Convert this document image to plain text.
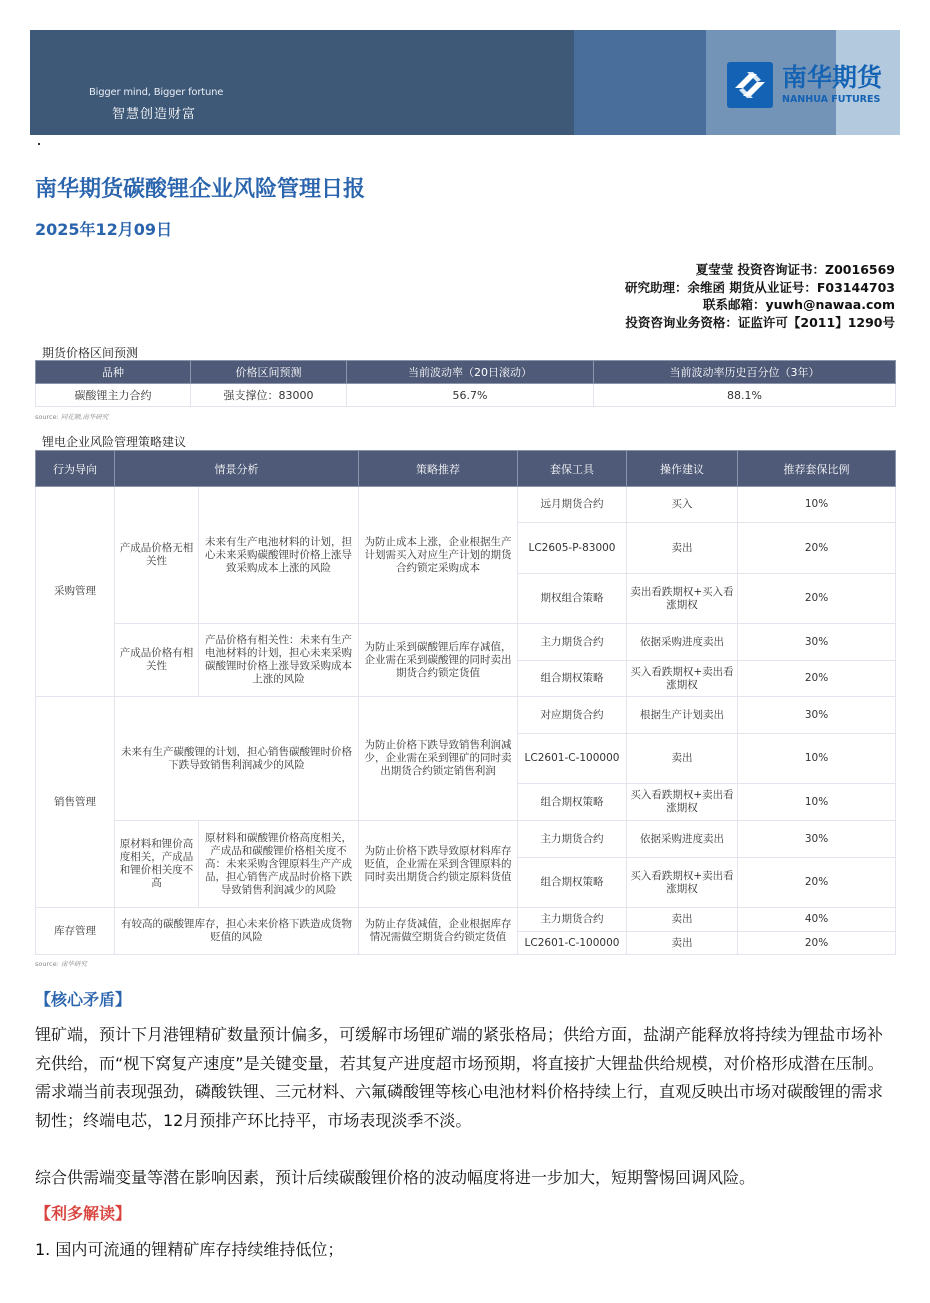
Bigger mind, Bigger fortune
智慧创造财富
南华期货
NANHUA FUTURES
南华期货碳酸锂企业风险管理日报
2025年12月09日
夏莹莹 投资咨询证书：Z0016569
研究助理：余维函 期货从业证号：F03144703
联系邮箱：yuwh@nawaa.com
投资咨询业务资格：证监许可【2011】1290号
期货价格区间预测
品种	价格区间预测	当前波动率（20日滚动）	当前波动率历史百分位（3年）
碳酸锂主力合约	强支撑位：83000	56.7%	88.1%
source: 同花顺,南华研究
锂电企业风险管理策略建议
行为导向	情景分析		策略推荐	套保工具	操作建议	推荐套保比例
采购管理	产成品价格无相关性	未来有生产电池材料的计划，担心未来采购碳酸锂时价格上涨导致采购成本上涨的风险	为防止成本上涨，企业根据生产计划需买入对应生产计划的期货合约锁定采购成本	远月期货合约	买入	10%
				LC2605-P-83000	卖出	20%
				期权组合策略	卖出看跌期权+买入看涨期权	20%
	产成品价格有相关性	产品价格有相关性：未来有生产电池材料的计划，担心未来采购碳酸锂时价格上涨导致采购成本上涨的风险	为防止采到碳酸锂后库存减值，企业需在采到碳酸锂的同时卖出期货合约锁定货值	主力期货合约	依据采购进度卖出	30%
				组合期权策略	买入看跌期权+卖出看涨期权	20%
销售管理	未来有生产碳酸锂的计划，担心销售碳酸锂时价格下跌导致销售利润减少的风险		为防止价格下跌导致销售利润减少，企业需在采到锂矿的同时卖出期货合约锁定销售利润	对应期货合约	根据生产计划卖出	30%
				LC2601-C-100000	卖出	10%
				组合期权策略	买入看跌期权+卖出看涨期权	10%
	原材料和锂价高度相关，产成品和锂价相关度不高	原材料和碳酸锂价格高度相关，产成品和碳酸锂价格相关度不高：未来采购含锂原料生产产成品，担心销售产成品时价格下跌导致销售利润减少的风险	为防止价格下跌导致原材料库存贬值，企业需在采到含锂原料的同时卖出期货合约锁定原料货值	主力期货合约	依据采购进度卖出	30%
				组合期权策略	买入看跌期权+卖出看涨期权	20%
库存管理	有较高的碳酸锂库存，担心未来价格下跌造成货物贬值的风险		为防止存货减值，企业根据库存情况需做空期货合约锁定货值	主力期货合约	卖出	40%
				LC2601-C-100000	卖出	20%
source: 南华研究
【核心矛盾】
锂矿端，预计下月港锂精矿数量预计偏多，可缓解市场锂矿端的紧张格局；供给方面，盐湖产能释放将持续为锂盐市场补充供给，而“枧下窝复产速度”是关键变量，若其复产进度超市场预期，将直接扩大锂盐供给规模，对价格形成潜在压制。需求端当前表现强劲，磷酸铁锂、三元材料、六氟磷酸锂等核心电池材料价格持续上行，直观反映出市场对碳酸锂的需求韧性；终端电芯，12月预排产环比持平，市场表现淡季不淡。
综合供需端变量等潜在影响因素，预计后续碳酸锂价格的波动幅度将进一步加大，短期警惕回调风险。
【利多解读】
1. 国内可流通的锂精矿库存持续维持低位；
